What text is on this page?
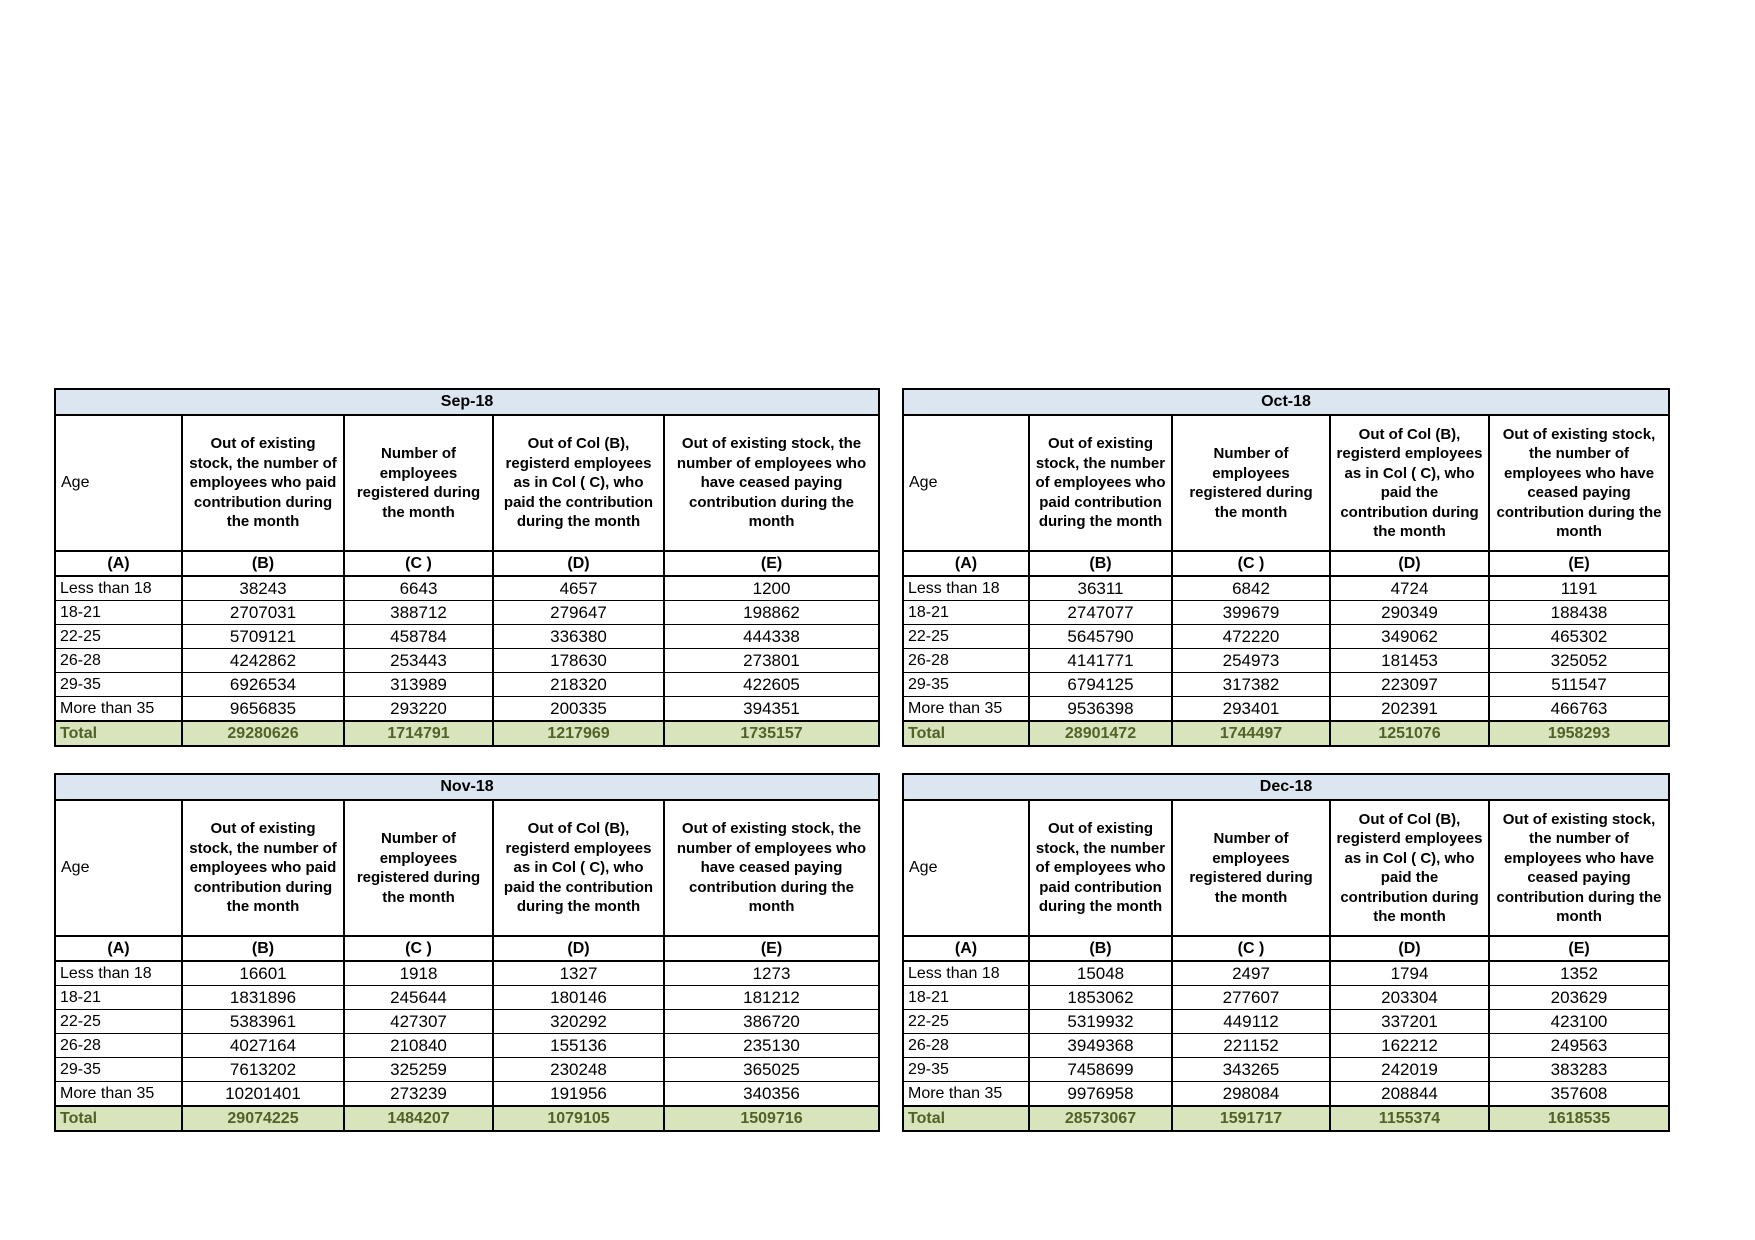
Sep-18				
Age	Out of existing stock, the number of employees who paid contribution during the month	Number of employees registered during the month	Out of Col (B), registerd employees as in Col ( C), who paid the contribution during the month	Out of existing stock, the number of employees who have ceased paying contribution during the month
(A)	(B)	(C )	(D)	(E)
Less than 18	38243	6643	4657	1200
18-21	2707031	388712	279647	198862
22-25	5709121	458784	336380	444338
26-28	4242862	253443	178630	273801
29-35	6926534	313989	218320	422605
More than 35	9656835	293220	200335	394351
Total	29280626	1714791	1217969	1735157
Oct-18				
Age	Out of existing stock, the number of employees who paid contribution during the month	Number of employees registered during the month	Out of Col (B), registerd employees as in Col ( C), who paid the contribution during the month	Out of existing stock, the number of employees who have ceased paying contribution during the month
(A)	(B)	(C )	(D)	(E)
Less than 18	36311	6842	4724	1191
18-21	2747077	399679	290349	188438
22-25	5645790	472220	349062	465302
26-28	4141771	254973	181453	325052
29-35	6794125	317382	223097	511547
More than 35	9536398	293401	202391	466763
Total	28901472	1744497	1251076	1958293
Nov-18				
Age	Out of existing stock, the number of employees who paid contribution during the month	Number of employees registered during the month	Out of Col (B), registerd employees as in Col ( C), who paid the contribution during the month	Out of existing stock, the number of employees who have ceased paying contribution during the month
(A)	(B)	(C )	(D)	(E)
Less than 18	16601	1918	1327	1273
18-21	1831896	245644	180146	181212
22-25	5383961	427307	320292	386720
26-28	4027164	210840	155136	235130
29-35	7613202	325259	230248	365025
More than 35	10201401	273239	191956	340356
Total	29074225	1484207	1079105	1509716
Dec-18				
Age	Out of existing stock, the number of employees who paid contribution during the month	Number of employees registered during the month	Out of Col (B), registerd employees as in Col ( C), who paid the contribution during the month	Out of existing stock, the number of employees who have ceased paying contribution during the month
(A)	(B)	(C )	(D)	(E)
Less than 18	15048	2497	1794	1352
18-21	1853062	277607	203304	203629
22-25	5319932	449112	337201	423100
26-28	3949368	221152	162212	249563
29-35	7458699	343265	242019	383283
More than 35	9976958	298084	208844	357608
Total	28573067	1591717	1155374	1618535
